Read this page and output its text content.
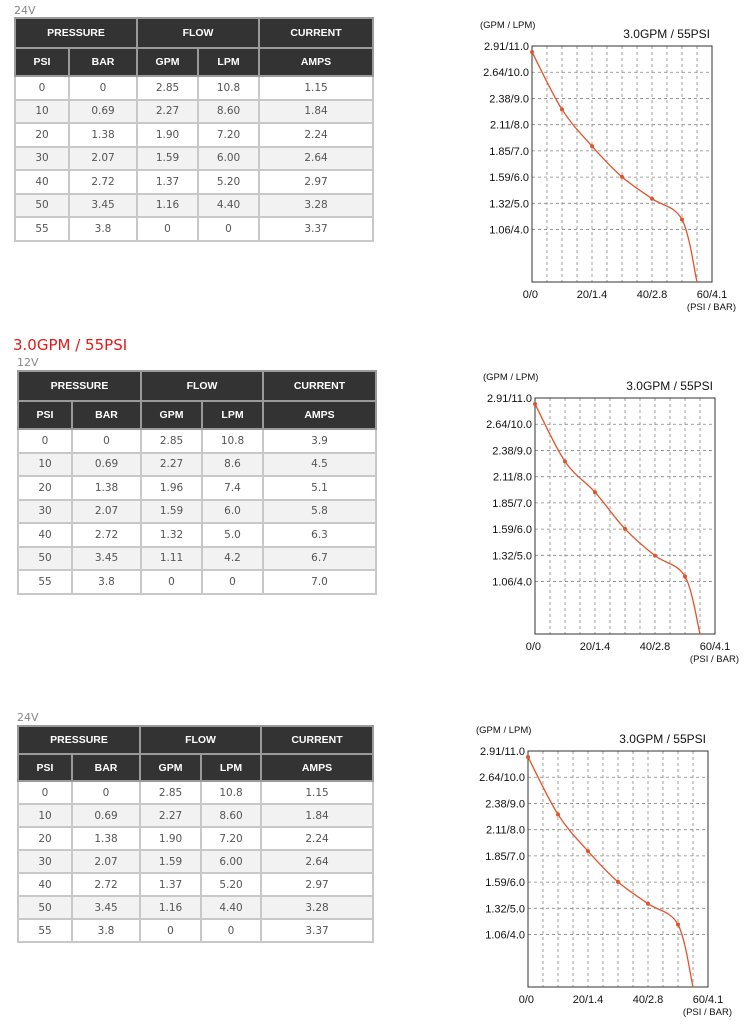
24V
PRESSURE		FLOW		CURRENT
PSI	BAR	GPM	LPM	AMPS
0	0	2.85	10.8	1.15
10	0.69	2.27	8.60	1.84
20	1.38	1.90	7.20	2.24
30	2.07	1.59	6.00	2.64
40	2.72	1.37	5.20	2.97
50	3.45	1.16	4.40	3.28
55	3.8	0	0	3.37
3.0GPM / 55PSI
(GPM / LPM)
(PSI / BAR)
2.91/11.0
2.64/10.0
2.38/9.0
2.11/8.0
1.85/7.0
1.59/6.0
1.32/5.0
1.06/4.0
0/0	20/1.4	40/2.8	60/4.1
3.0GPM / 55PSI
12V
PRESSURE		FLOW		CURRENT
PSI	BAR	GPM	LPM	AMPS
0	0	2.85	10.8	3.9
10	0.69	2.27	8.6	4.5
20	1.38	1.96	7.4	5.1
30	2.07	1.59	6.0	5.8
40	2.72	1.32	5.0	6.3
50	3.45	1.11	4.2	6.7
55	3.8	0	0	7.0
3.0GPM / 55PSI
(GPM / LPM)
(PSI / BAR)
2.91/11.0
2.64/10.0
2.38/9.0
2.11/8.0
1.85/7.0
1.59/6.0
1.32/5.0
1.06/4.0
0/0	20/1.4	40/2.8	60/4.1
24V
PRESSURE		FLOW		CURRENT
PSI	BAR	GPM	LPM	AMPS
0	0	2.85	10.8	1.15
10	0.69	2.27	8.60	1.84
20	1.38	1.90	7.20	2.24
30	2.07	1.59	6.00	2.64
40	2.72	1.37	5.20	2.97
50	3.45	1.16	4.40	3.28
55	3.8	0	0	3.37
3.0GPM / 55PSI
(GPM / LPM)
(PSI / BAR)
2.91/11.0
2.64/10.0
2.38/9.0
2.11/8.0
1.85/7.0
1.59/6.0
1.32/5.0
1.06/4.0
0/0	20/1.4	40/2.8	60/4.1
